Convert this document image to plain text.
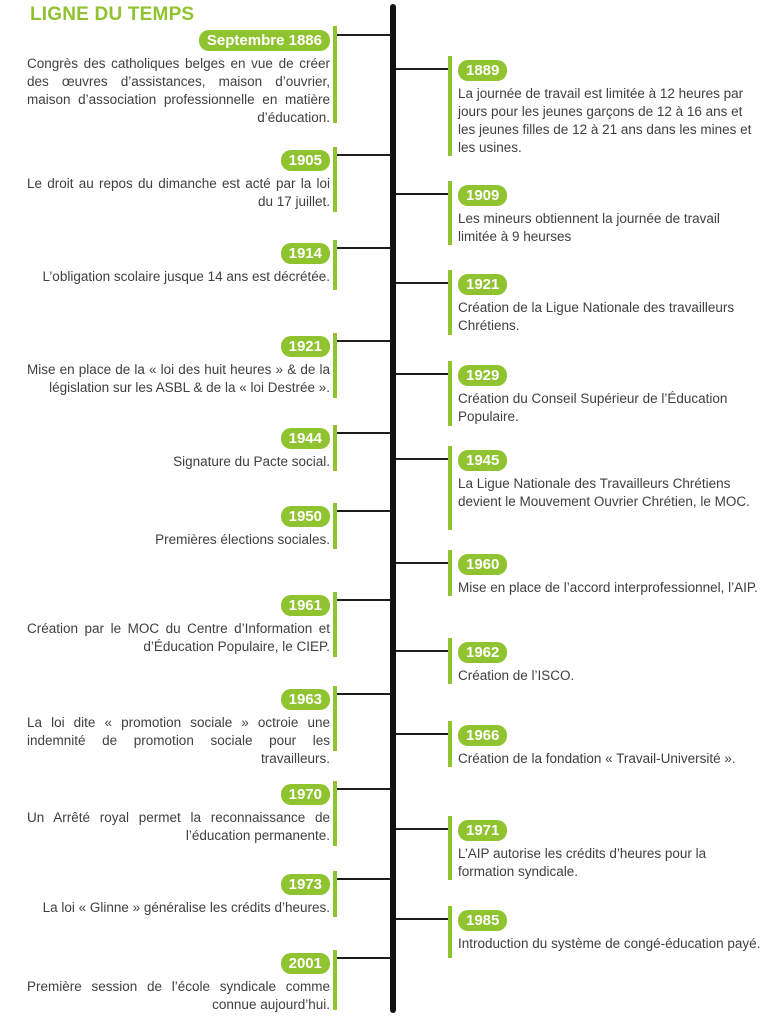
LIGNE DU TEMPS
Septembre 1886
Congrès des catholiques belges en vue de créer des œuvres d’assistances, maison d’ouvrier, maison d’association professionnelle en matière d’éducation.
1889
La journée de travail est limitée à 12 heures par jours pour les jeunes garçons de 12 à 16 ans et les jeunes filles de 12 à 21 ans dans les mines et les usines.
1905
Le droit au repos du dimanche est acté par la loi du 17 juillet.	1909
Les mineurs obtiennent la journée de travail limitée à 9 heurses
1914
L’obligation scolaire jusque 14 ans est décrétée.	1921
Création de la Ligue Nationale des travailleurs Chrétiens.
1921
Mise en place de la « loi des huit heures » & de la législation sur les ASBL & de la « loi Destrée ».
1929
Création du Conseil Supérieur de l’Éducation Populaire.
1944
Signature du Pacte social.	1945
La Ligue Nationale des Travailleurs Chrétiens devient le Mouvement Ouvrier Chrétien, le MOC.
1950
Premières élections sociales.
1960
Mise en place de l’accord interprofessionnel, l’AIP.
1961
Création par le MOC du Centre d’Information et d’Éducation Populaire, le CIEP.	1962
Création de l’ISCO.
1963
La loi dite « promotion sociale » octroie une indemnité de promotion sociale pour les travailleurs.
1966
Création de la fondation « Travail-Université ».
1970
Un Arrêté royal permet la reconnaissance de l’éducation permanente.	1971
L’AIP autorise les crédits d’heures pour la formation syndicale.
1973
La loi « Glinne » généralise les crédits d’heures.
1985
Introduction du système de congé-éducation payé.
2001
Première session de l’école syndicale comme connue aujourd’hui.
